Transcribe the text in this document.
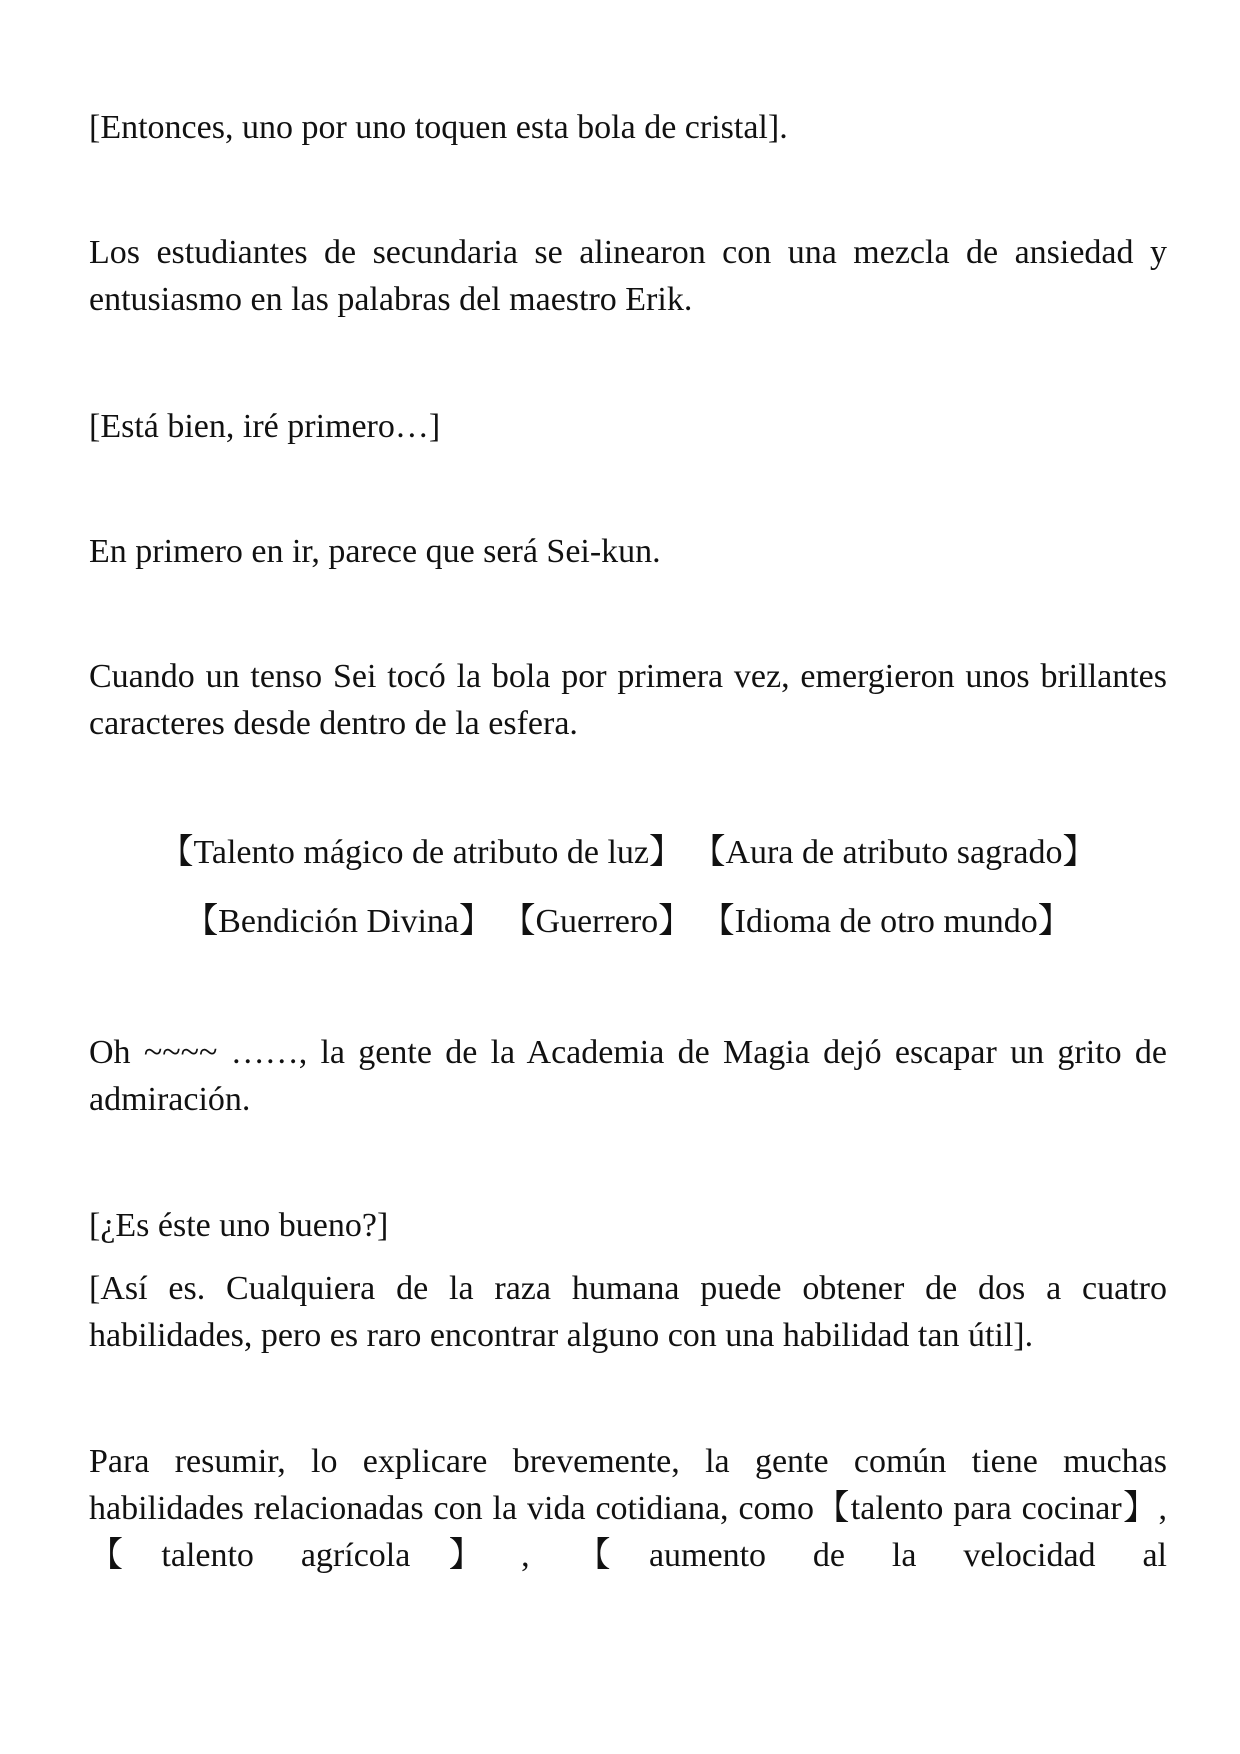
[Entonces, uno por uno toquen esta bola de cristal].

Los estudiantes de secundaria se alinearon con una mezcla de ansiedad y entusiasmo en las palabras del maestro Erik.

[Está bien, iré primero…]

En primero en ir, parece que será Sei-kun.

Cuando un tenso Sei tocó la bola por primera vez, emergieron unos brillantes caracteres desde dentro de la esfera.

【Talento mágico de atributo de luz】 【Aura de atributo sagrado】

【Bendición Divina】 【Guerrero】 【Idioma de otro mundo】

Oh ~~~~ ……, la gente de la Academia de Magia dejó escapar un grito de admiración.

[¿Es éste uno bueno?]

[Así es. Cualquiera de la raza humana puede obtener de dos a cuatro habilidades, pero es raro encontrar alguno con una habilidad tan útil].

Para resumir, lo explicare brevemente, la gente común tiene muchas habilidades relacionadas con la vida cotidiana, como【talento para cocinar】, 【talento agrícola】, 【aumento de la velocidad al
